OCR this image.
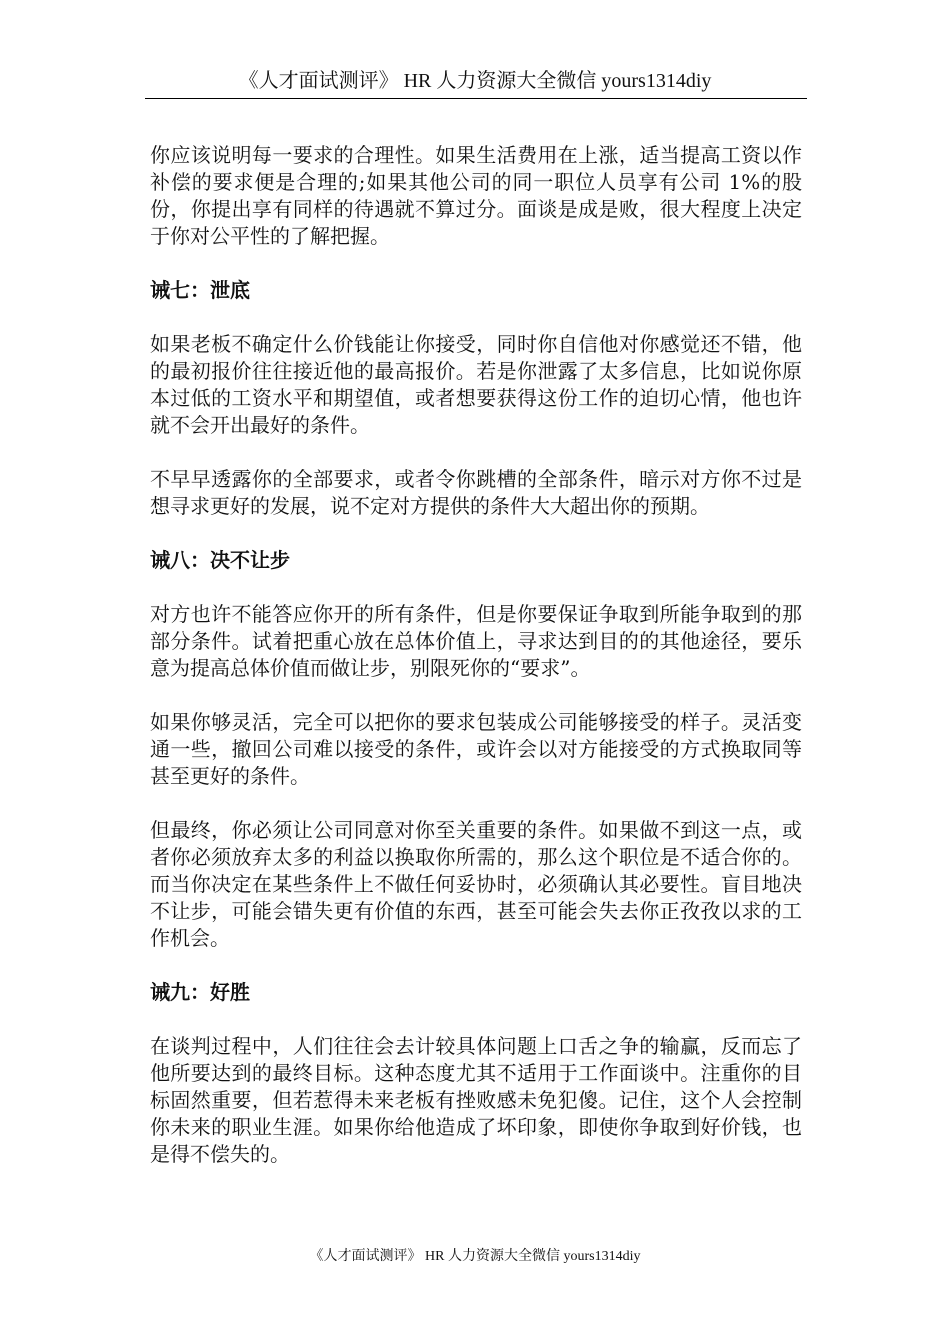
《人才面试测评》 HR 人力资源大全微信 yours1314diy

你应该说明每一要求的合理性。如果生活费用在上涨，适当提高工资以作补偿的要求便是合理的;如果其他公司的同一职位人员享有公司 1%的股份，你提出享有同样的待遇就不算过分。面谈是成是败，很大程度上决定于你对公平性的了解把握。

诫七：泄底

如果老板不确定什么价钱能让你接受，同时你自信他对你感觉还不错，他的最初报价往往接近他的最高报价。若是你泄露了太多信息，比如说你原本过低的工资水平和期望值，或者想要获得这份工作的迫切心情，他也许就不会开出最好的条件。

不早早透露你的全部要求，或者令你跳槽的全部条件，暗示对方你不过是想寻求更好的发展，说不定对方提供的条件大大超出你的预期。

诫八：决不让步

对方也许不能答应你开的所有条件，但是你要保证争取到所能争取到的那部分条件。试着把重心放在总体价值上，寻求达到目的的其他途径，要乐意为提高总体价值而做让步，别限死你的“要求”。

如果你够灵活，完全可以把你的要求包装成公司能够接受的样子。灵活变通一些，撤回公司难以接受的条件，或许会以对方能接受的方式换取同等甚至更好的条件。

但最终，你必须让公司同意对你至关重要的条件。如果做不到这一点，或者你必须放弃太多的利益以换取你所需的，那么这个职位是不适合你的。而当你决定在某些条件上不做任何妥协时，必须确认其必要性。盲目地决不让步，可能会错失更有价值的东西，甚至可能会失去你正孜孜以求的工作机会。

诫九：好胜

在谈判过程中，人们往往会去计较具体问题上口舌之争的输赢，反而忘了他所要达到的最终目标。这种态度尤其不适用于工作面谈中。注重你的目标固然重要，但若惹得未来老板有挫败感未免犯傻。记住，这个人会控制你未来的职业生涯。如果你给他造成了坏印象，即使你争取到好价钱，也是得不偿失的。

《人才面试测评》 HR 人力资源大全微信 yours1314diy
